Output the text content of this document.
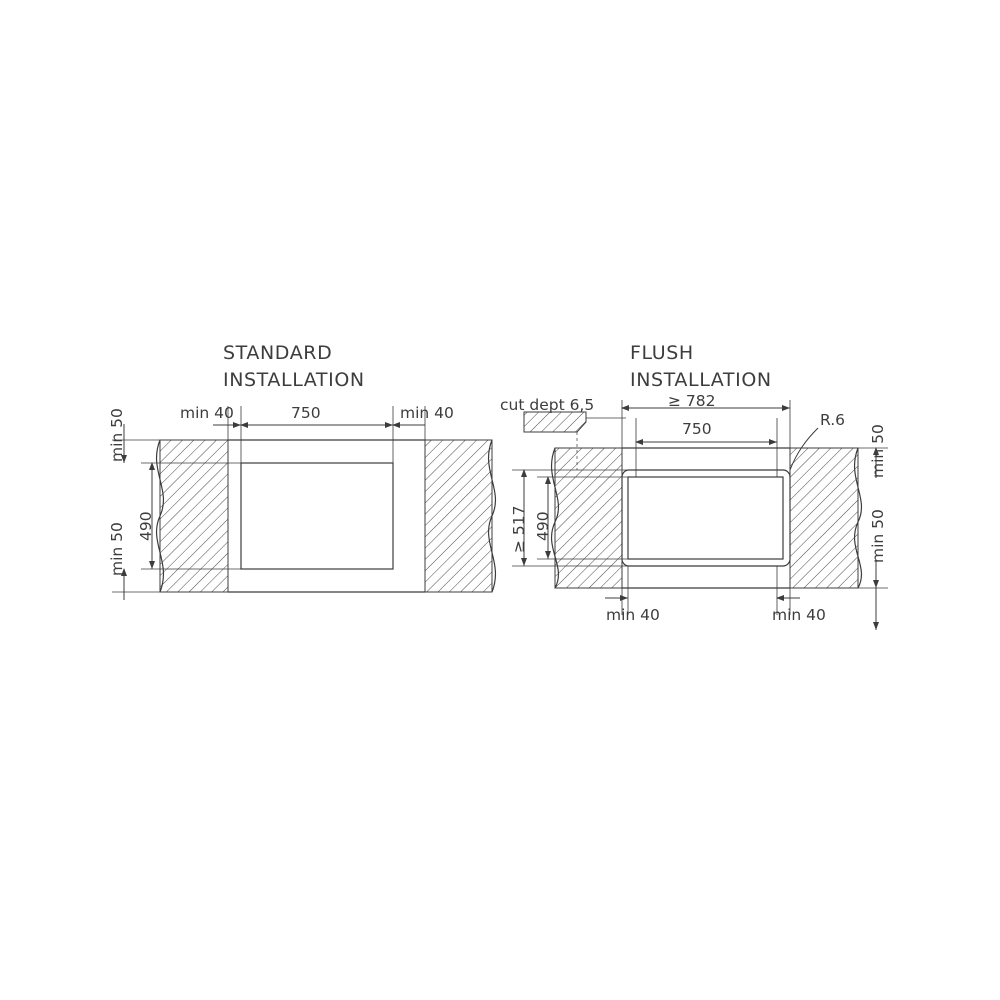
STANDARD
INSTALLATION
min 40	750	min 40
min 50
min 50 490
FLUSH
INSTALLATION
cut dept 6,5	≥ 782
750	R.6
≥ 517 490
min 40	min 40
min 50
min 50
